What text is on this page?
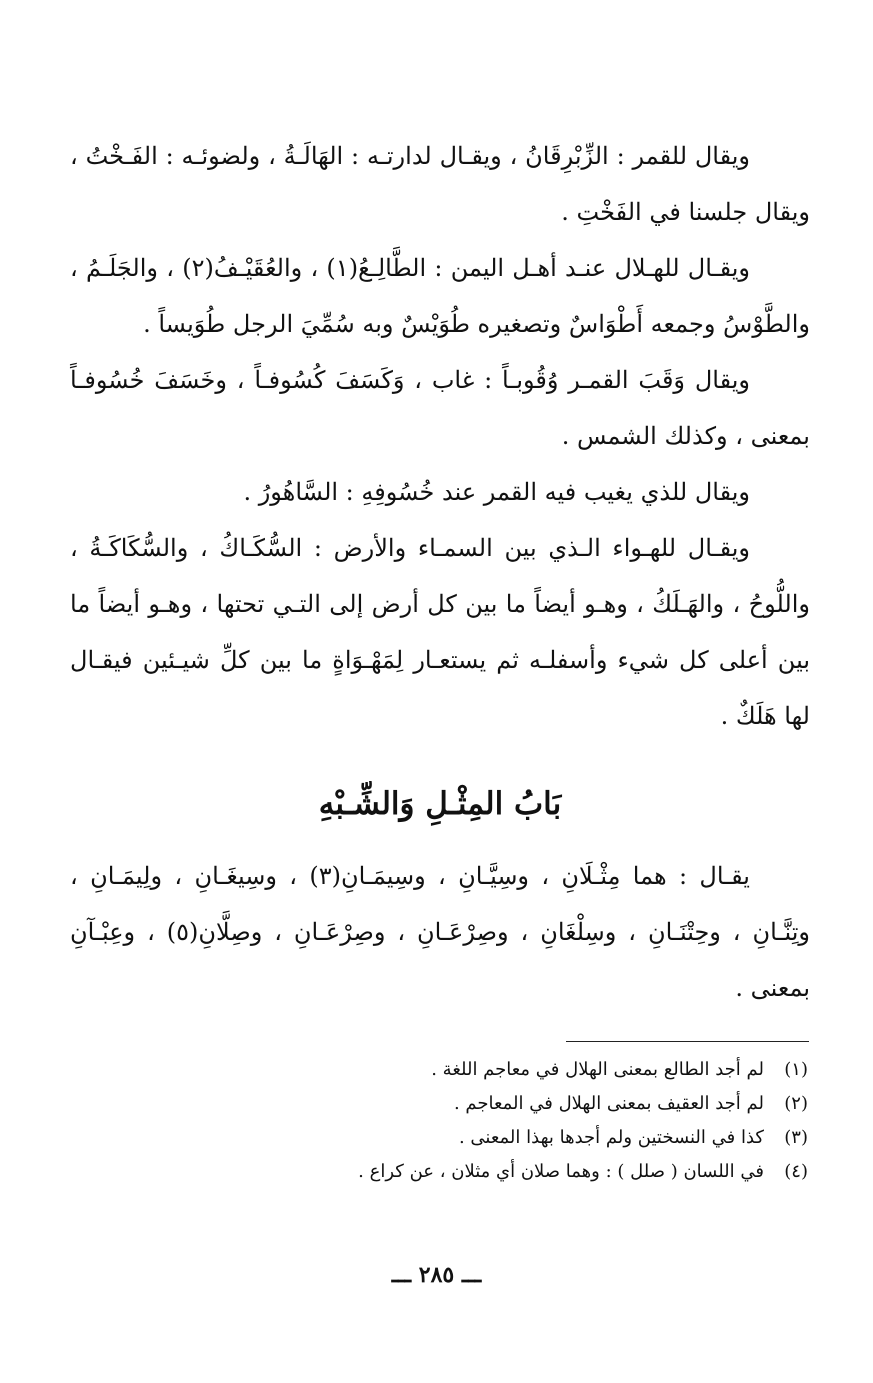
ويقال للقمر : الزِّبْرِقَانُ ، ويقـال لدارتـه : الهَالَـةُ ، ولضوئـه : الفَـخْتُ ، ويقال جلسنا في الفَخْتِ .

ويقـال للهـلال عنـد أهـل اليمن : الطَّالِـعُ(١) ، والعُقَيْـفُ(٢) ، والجَلَـمُ ، والطَّوْسُ وجمعه أَطْوَاسٌ وتصغيره طُوَيْسٌ وبه سُمِّيَ الرجل طُوَيساً .

ويقال وَقَبَ القمـر وُقُوبـاً : غاب ، وَكَسَفَ كُسُوفـاً ، وخَسَفَ خُسُوفـاً بمعنى ، وكذلك الشمس .

ويقال للذي يغيب فيه القمر عند خُسُوفِهِ : السَّاهُورُ .

ويقـال للهـواء الـذي بين السمـاء والأرض : السُّكَـاكُ ، والسُّكَاكَـةُ ، واللُّوحُ ، والهَـلَكُ ، وهـو أيضاً ما بين كل أرض إلى التـي تحتها ، وهـو أيضاً ما بين أعلى كل شيء وأسفلـه ثم يستعـار لِمَهْـوَاةٍ ما بين كلِّ شيـئين فيقـال لها هَلَكٌ .

بَابُ المِثْـلِ وَالشِّـبْهِ

يقـال : هما مِثْـلَانِ ، وسِيَّـانِ ، وسِيمَـانِ(٣) ، وسِيغَـانِ ، ولِيمَـانِ ، وتِنَّـانِ ، وحِتْنَـانِ ، وسِلْغَانِ ، وصِرْعَـانِ ، وصِرْعَـانِ ، وصِلَّانِ(٥) ، وعِبْـآنِ بمعنى .

(١)
لم أجد الطالع بمعنى الهلال في معاجم اللغة .
(٢)
لم أجد العقيف بمعنى الهلال في المعاجم .
(٣)
كذا في النسختين ولم أجدها بهذا المعنى .
(٤)
في اللسان ( صلل ) : وهما صلان أي مثلان ، عن كراع .
ـــ ٢٨٥ ـــ
